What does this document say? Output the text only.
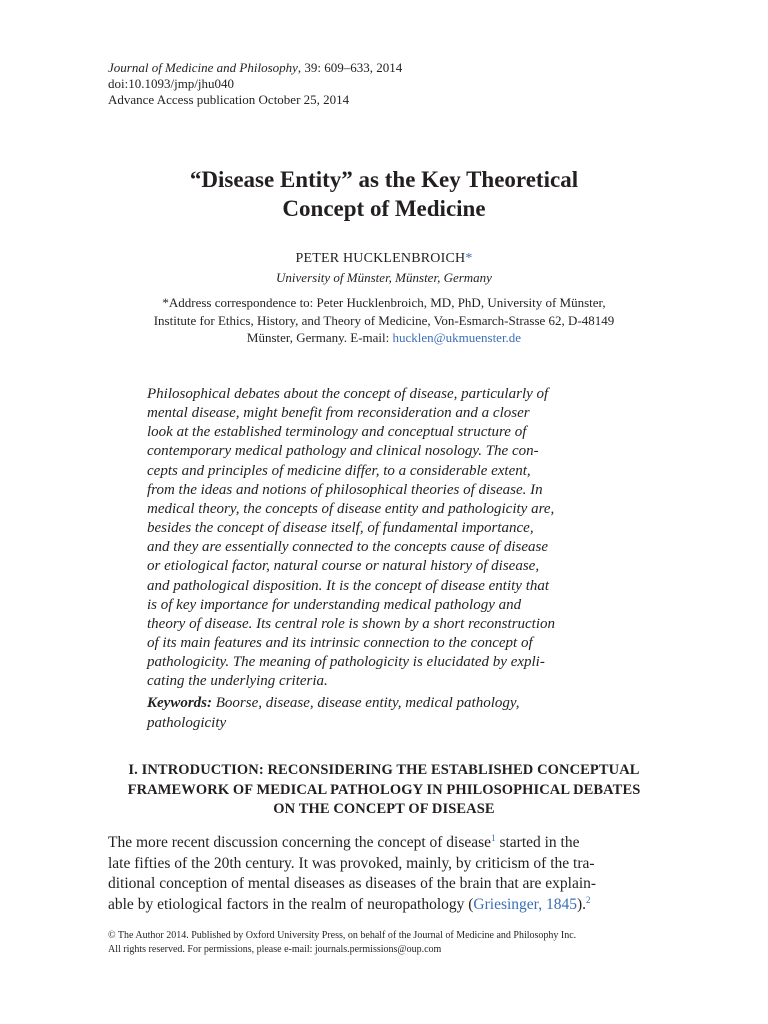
Journal of Medicine and Philosophy, 39: 609–633, 2014
doi:10.1093/jmp/jhu040
Advance Access publication October 25, 2014
“Disease Entity” as the Key Theoretical
Concept of Medicine
PETER HUCKLENBROICH*
University of Münster, Münster, Germany
*Address correspondence to: Peter Hucklenbroich, MD, PhD, University of Münster,
Institute for Ethics, History, and Theory of Medicine, Von-Esmarch-Strasse 62, D-48149
Münster, Germany. E-mail: hucklen@ukmuenster.de

Philosophical debates about the concept of disease, particularly of
mental disease, might benefit from reconsideration and a closer
look at the established terminology and conceptual structure of
contemporary medical pathology and clinical nosology. The con-
cepts and principles of medicine differ, to a considerable extent,
from the ideas and notions of philosophical theories of disease. In
medical theory, the concepts of disease entity and pathologicity are,
besides the concept of disease itself, of fundamental importance,
and they are essentially connected to the concepts cause of disease
or etiological factor, natural course or natural history of disease,
and pathological disposition. It is the concept of disease entity that
is of key importance for understanding medical pathology and
theory of disease. Its central role is shown by a short reconstruction
of its main features and its intrinsic connection to the concept of
pathologicity. The meaning of pathologicity is elucidated by expli-
cating the underlying criteria.

Keywords: Boorse, disease, disease entity, medical pathology,
pathologicity

I. INTRODUCTION: RECONSIDERING THE ESTABLISHED CONCEPTUAL
FRAMEWORK OF MEDICAL PATHOLOGY IN PHILOSOPHICAL DEBATES
ON THE CONCEPT OF DISEASE

The more recent discussion concerning the concept of disease$^1$ started in the
late fifties of the 20th century. It was provoked, mainly, by criticism of the tra-
ditional conception of mental diseases as diseases of the brain that are explain-
able by etiological factors in the realm of neuropathology (Griesinger, 1845).$^2$

© The Author 2014. Published by Oxford University Press, on behalf of the Journal of Medicine and Philosophy Inc.
All rights reserved. For permissions, please e-mail: journals.permissions@oup.com
